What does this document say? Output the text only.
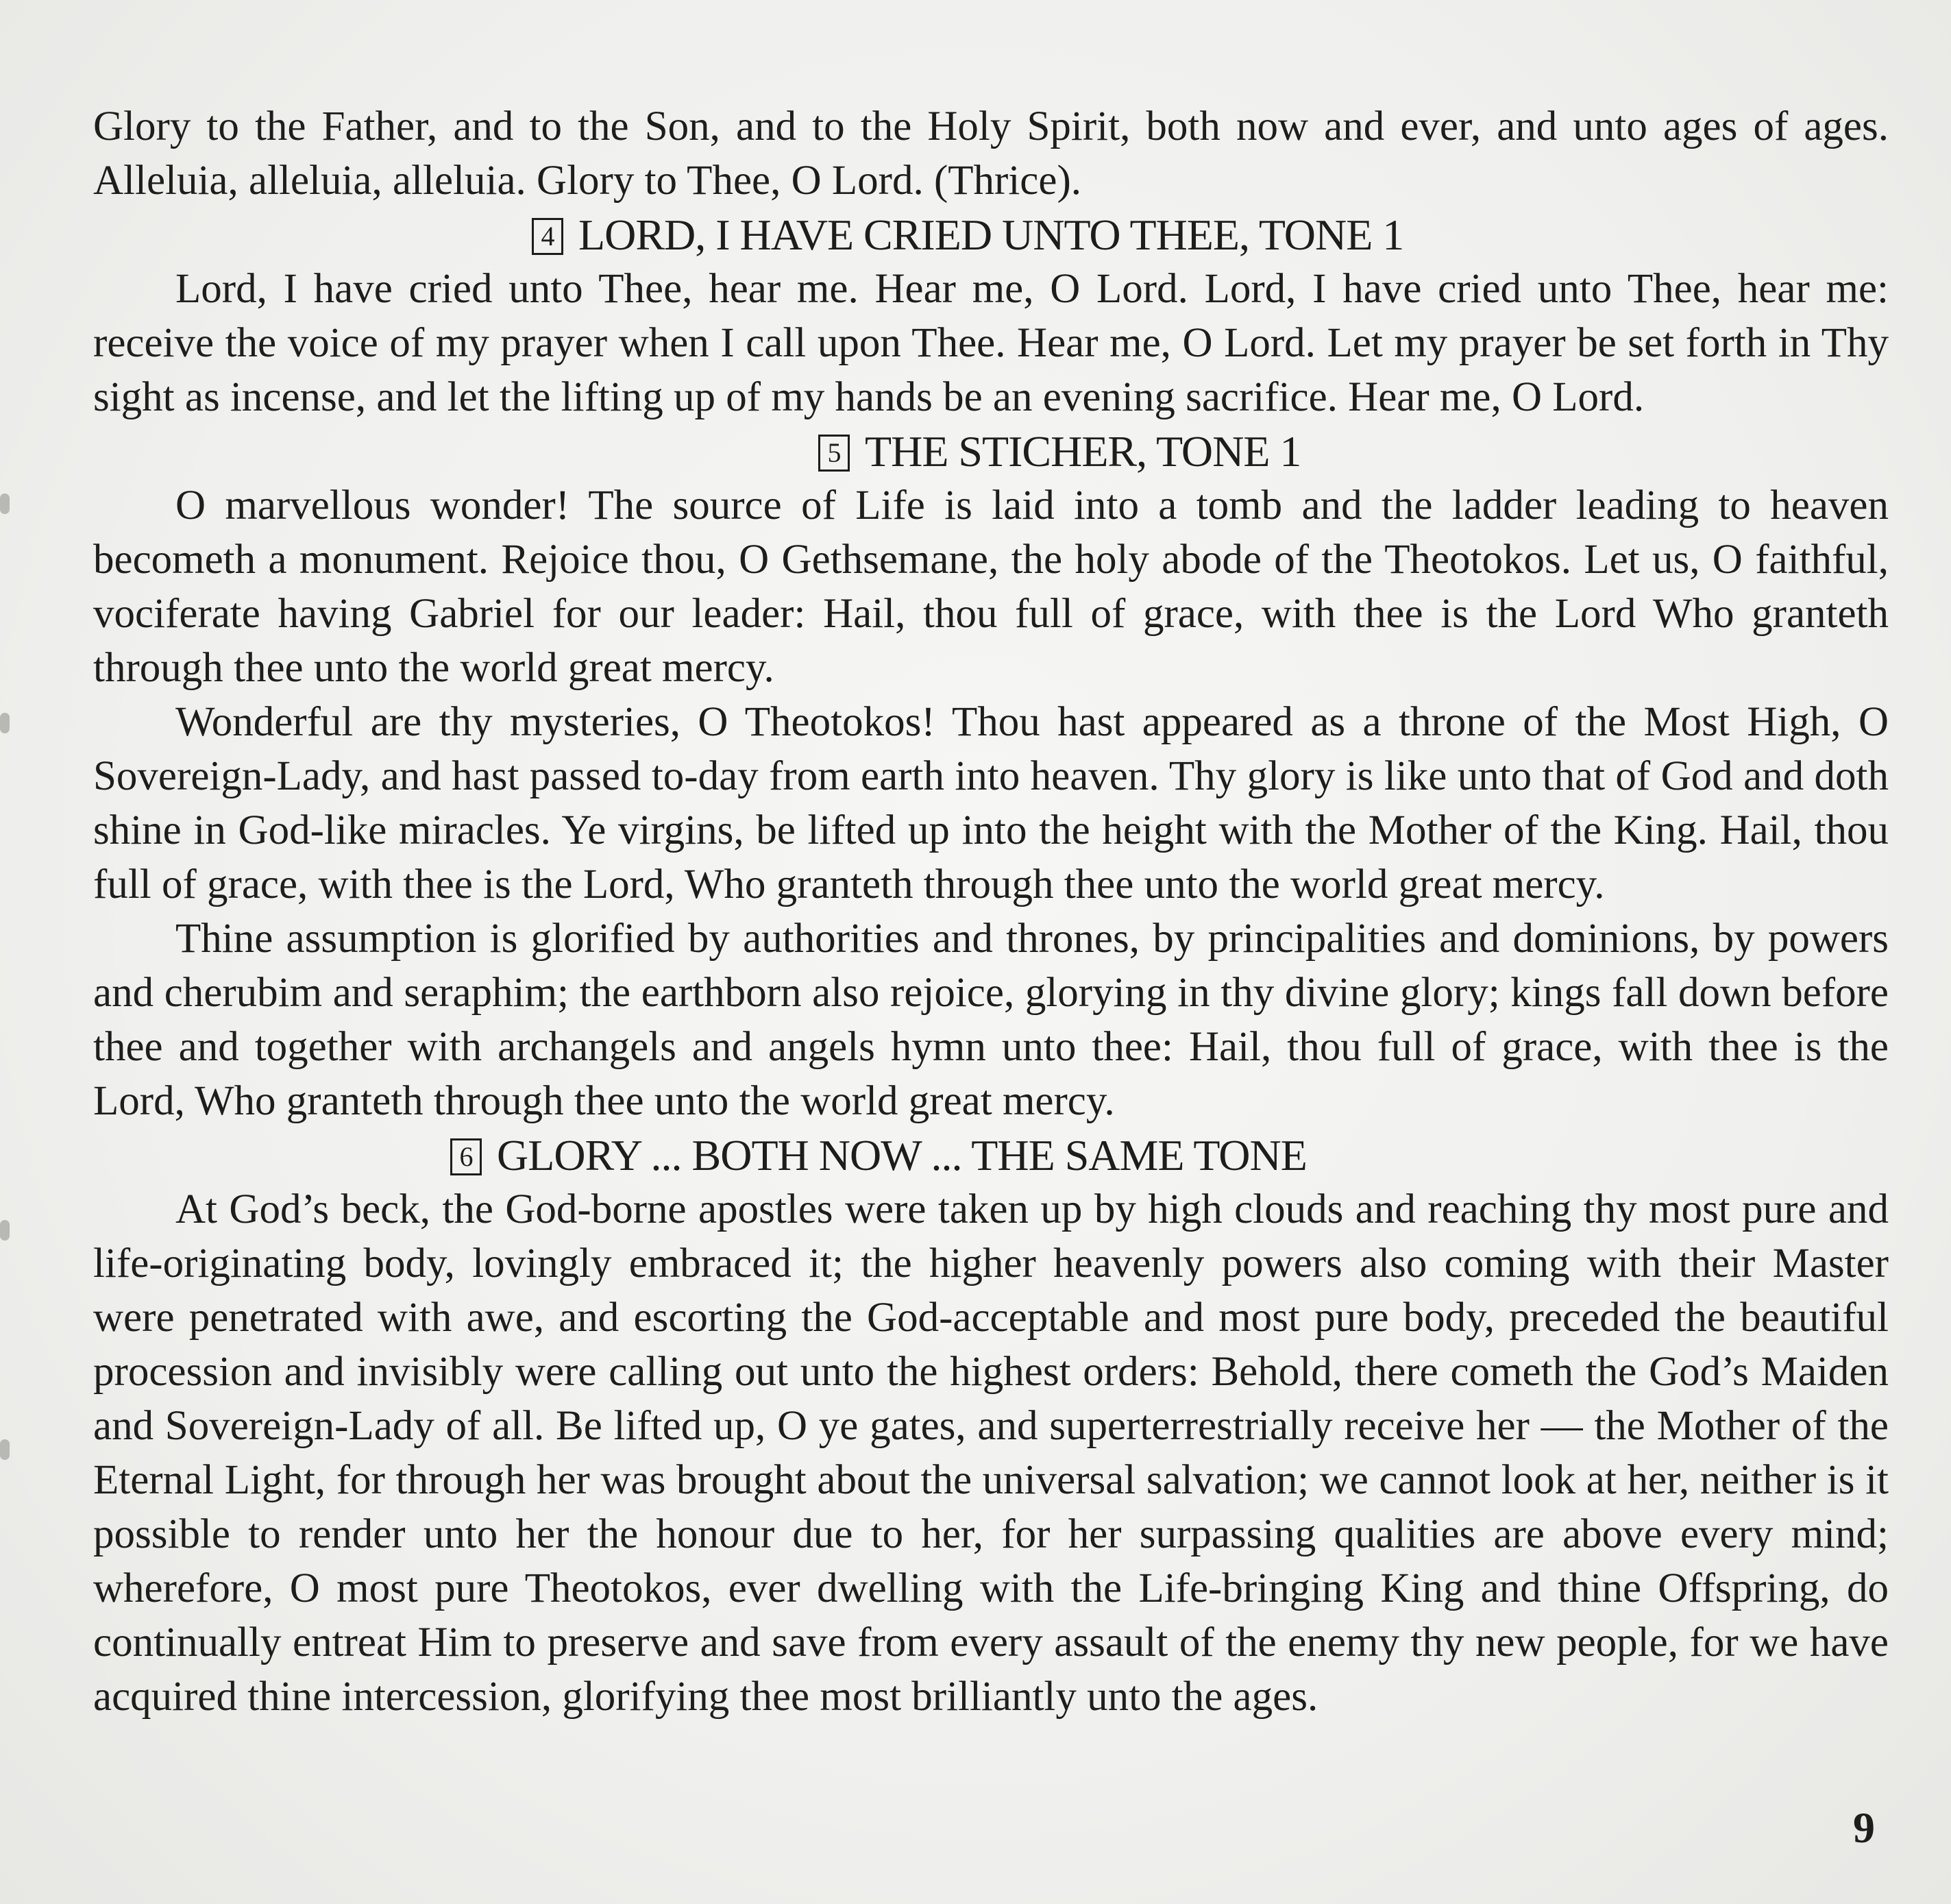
Glory to the Father, and to the Son, and to the Holy Spirit, both now and ever, and unto ages of ages. Alleluia, alleluia, alleluia. Glory to Thee, O Lord. (Thrice).

4 LORD, I HAVE CRIED UNTO THEE, TONE 1

Lord, I have cried unto Thee, hear me. Hear me, O Lord. Lord, I have cried unto Thee, hear me: receive the voice of my prayer when I call upon Thee. Hear me, O Lord. Let my prayer be set forth in Thy sight as incense, and let the lifting up of my hands be an evening sacrifice. Hear me, O Lord.

5 THE STICHER, TONE 1

O marvellous wonder! The source of Life is laid into a tomb and the ladder leading to heaven becometh a monument. Rejoice thou, O Gethsemane, the holy abode of the Theotokos. Let us, O faithful, vociferate having Gabriel for our leader: Hail, thou full of grace, with thee is the Lord Who granteth through thee unto the world great mercy.

Wonderful are thy mysteries, O Theotokos! Thou hast appeared as a throne of the Most High, O Sovereign-Lady, and hast passed to-day from earth into heaven. Thy glory is like unto that of God and doth shine in God-like miracles. Ye virgins, be lifted up into the height with the Mother of the King. Hail, thou full of grace, with thee is the Lord, Who granteth through thee unto the world great mercy.

Thine assumption is glorified by authorities and thrones, by principalities and dominions, by powers and cherubim and seraphim; the earthborn also rejoice, glorying in thy divine glory; kings fall down before thee and together with archangels and angels hymn unto thee: Hail, thou full of grace, with thee is the Lord, Who granteth through thee unto the world great mercy.

6 GLORY ... BOTH NOW ... THE SAME TONE

At God’s beck, the God-borne apostles were taken up by high clouds and reaching thy most pure and life-originating body, lovingly embraced it; the higher heavenly powers also coming with their Master were penetrated with awe, and escorting the God-acceptable and most pure body, preceded the beautiful procession and invisibly were calling out unto the highest orders: Behold, there cometh the God’s Maiden and Sovereign-Lady of all. Be lifted up, O ye gates, and superterrestrially receive her — the Mother of the Eternal Light, for through her was brought about the universal salvation; we cannot look at her, neither is it possible to render unto her the honour due to her, for her surpassing qualities are above every mind; wherefore, O most pure Theotokos, ever dwelling with the Life-bringing King and thine Offspring, do continually entreat Him to preserve and save from every assault of the enemy thy new people, for we have acquired thine intercession, glorifying thee most brilliantly unto the ages.

9
